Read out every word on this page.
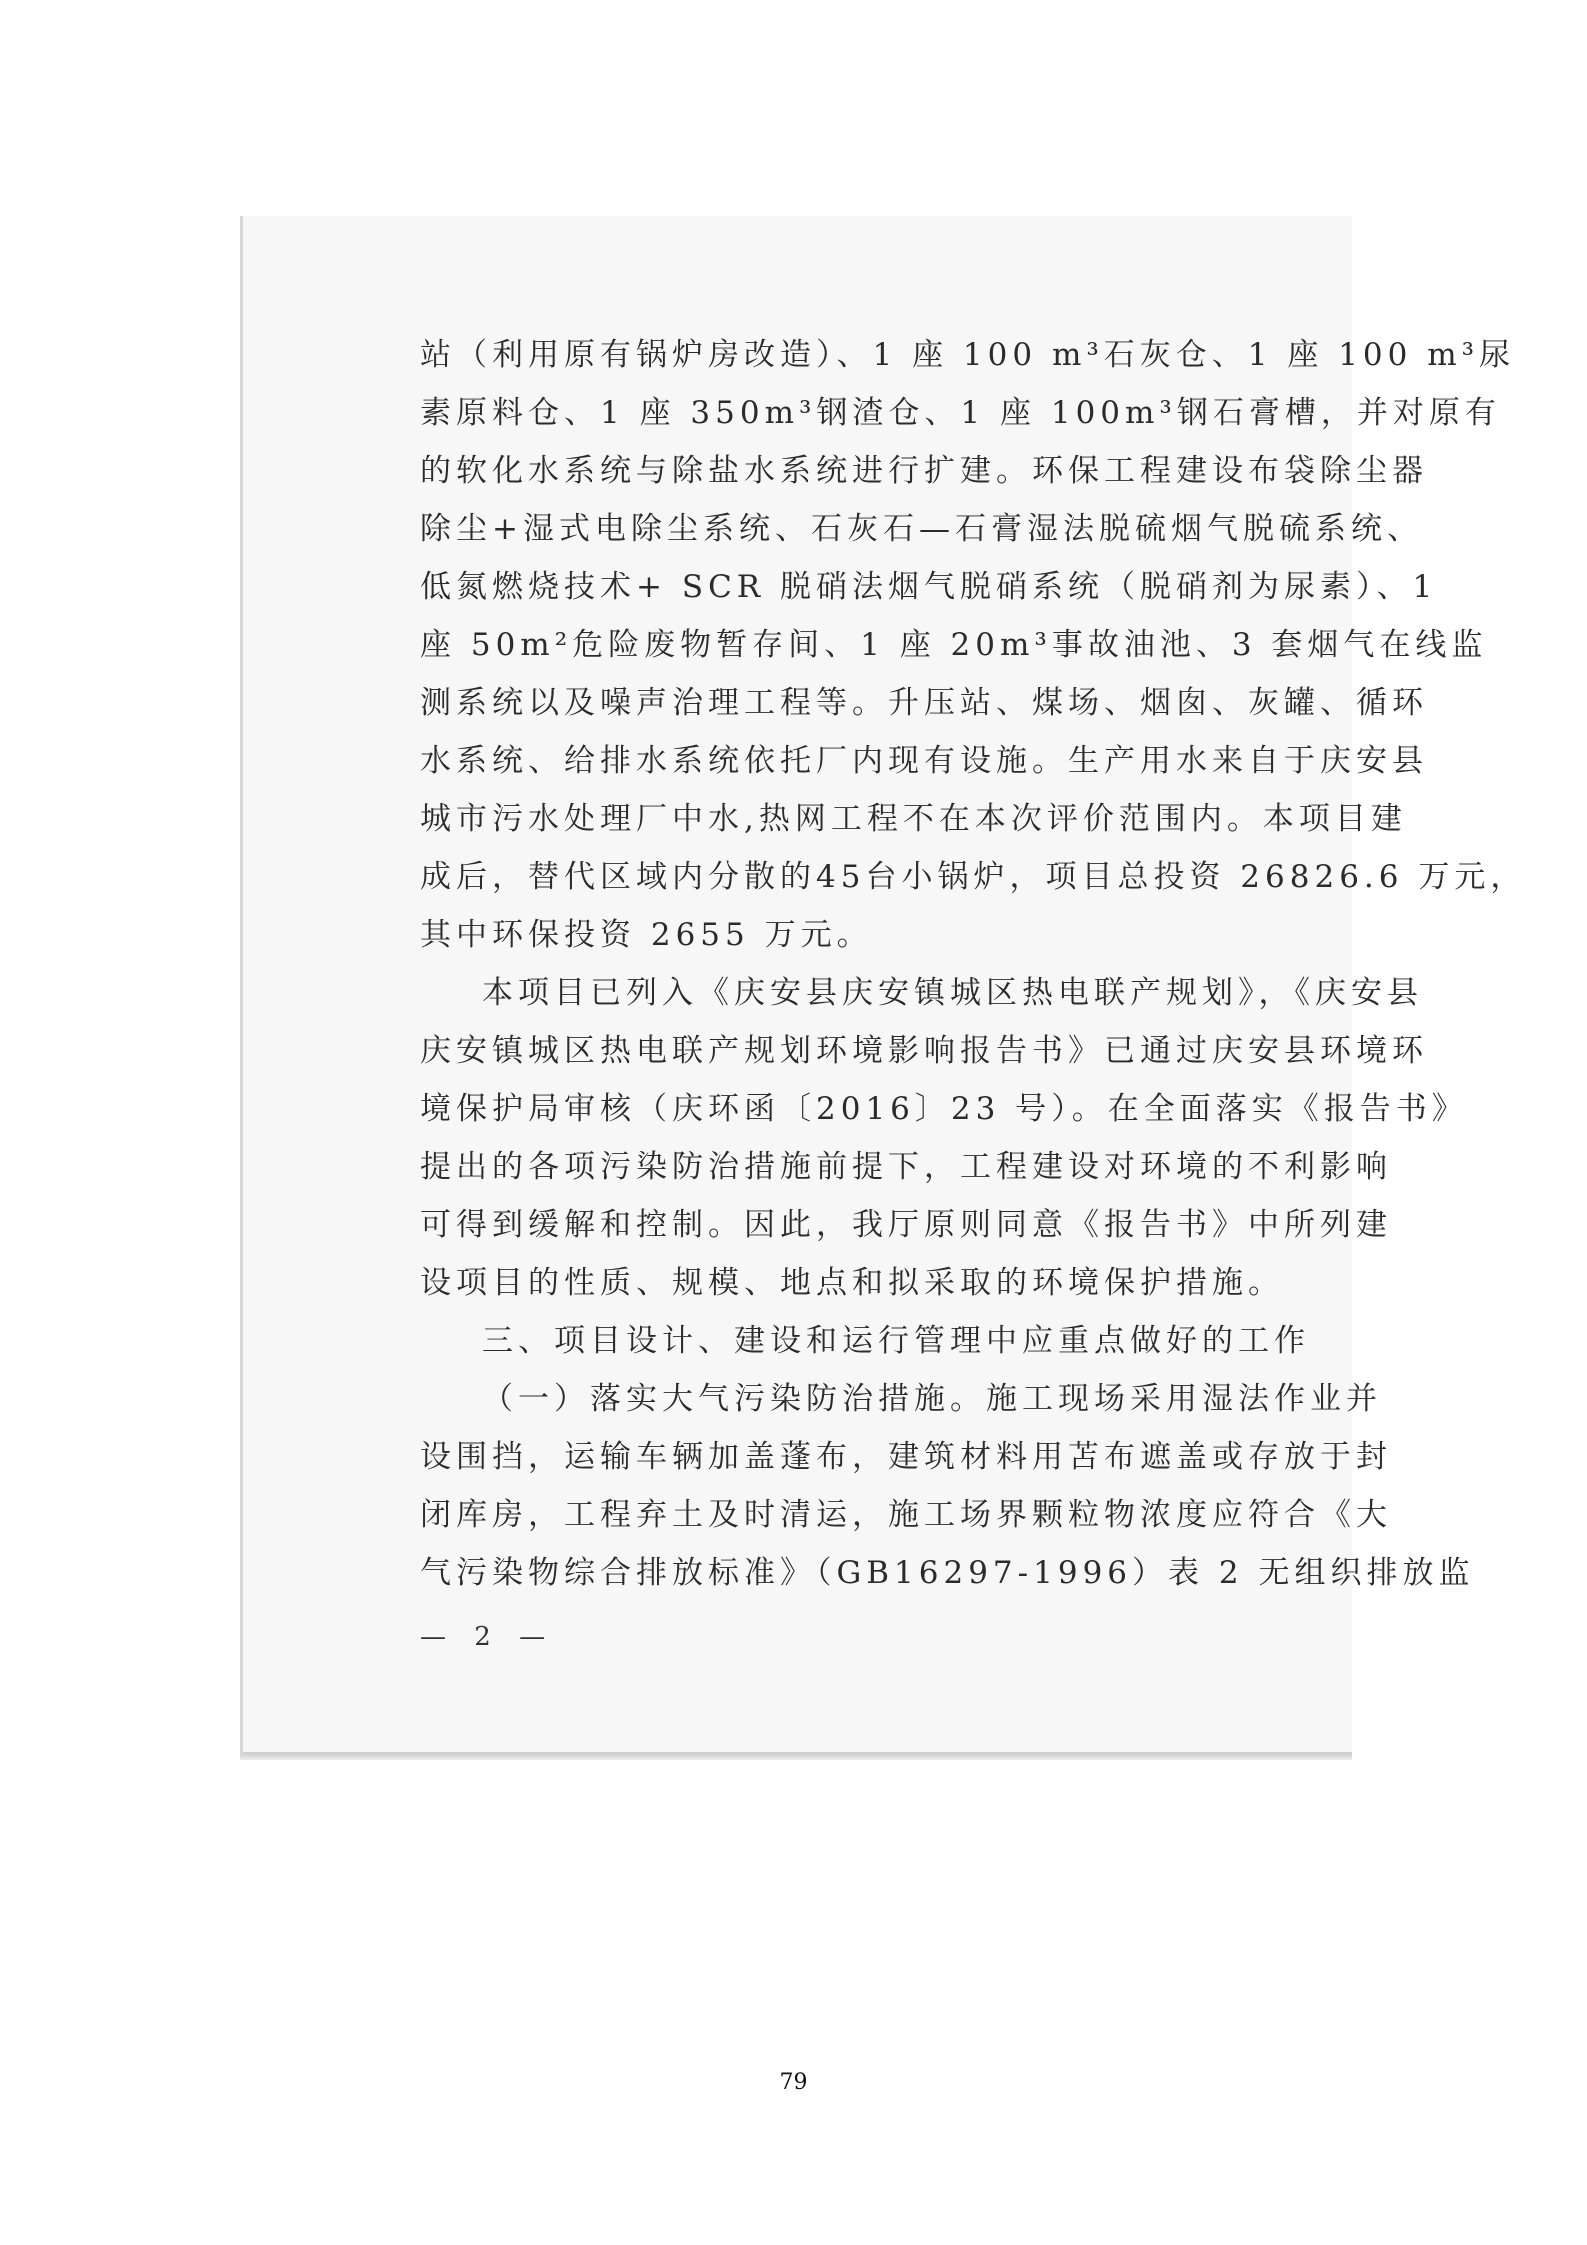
站（利用原有锅炉房改造）、1 座 100 m³石灰仓、1 座 100 m³尿
素原料仓、1 座 350m³钢渣仓、1 座 100m³钢石膏槽，并对原有
的软化水系统与除盐水系统进行扩建。环保工程建设布袋除尘器
除尘+湿式电除尘系统、石灰石—石膏湿法脱硫烟气脱硫系统、
低氮燃烧技术+ SCR 脱硝法烟气脱硝系统（脱硝剂为尿素）、1
座 50m²危险废物暂存间、1 座 20m³事故油池、3 套烟气在线监
测系统以及噪声治理工程等。升压站、煤场、烟囱、灰罐、循环
水系统、给排水系统依托厂内现有设施。生产用水来自于庆安县
城市污水处理厂中水,热网工程不在本次评价范围内。本项目建
成后，替代区域内分散的45台小锅炉，项目总投资 26826.6 万元，
其中环保投资 2655 万元。
本项目已列入《庆安县庆安镇城区热电联产规划》，《庆安县
庆安镇城区热电联产规划环境影响报告书》已通过庆安县环境环
境保护局审核（庆环函〔2016〕23 号）。在全面落实《报告书》
提出的各项污染防治措施前提下，工程建设对环境的不利影响
可得到缓解和控制。因此，我厅原则同意《报告书》中所列建
设项目的性质、规模、地点和拟采取的环境保护措施。
三、项目设计、建设和运行管理中应重点做好的工作
（一）落实大气污染防治措施。施工现场采用湿法作业并
设围挡，运输车辆加盖蓬布，建筑材料用苫布遮盖或存放于封
闭库房，工程弃土及时清运，施工场界颗粒物浓度应符合《大
气污染物综合排放标准》（GB16297-1996）表 2 无组织排放监
— 2 —
79
